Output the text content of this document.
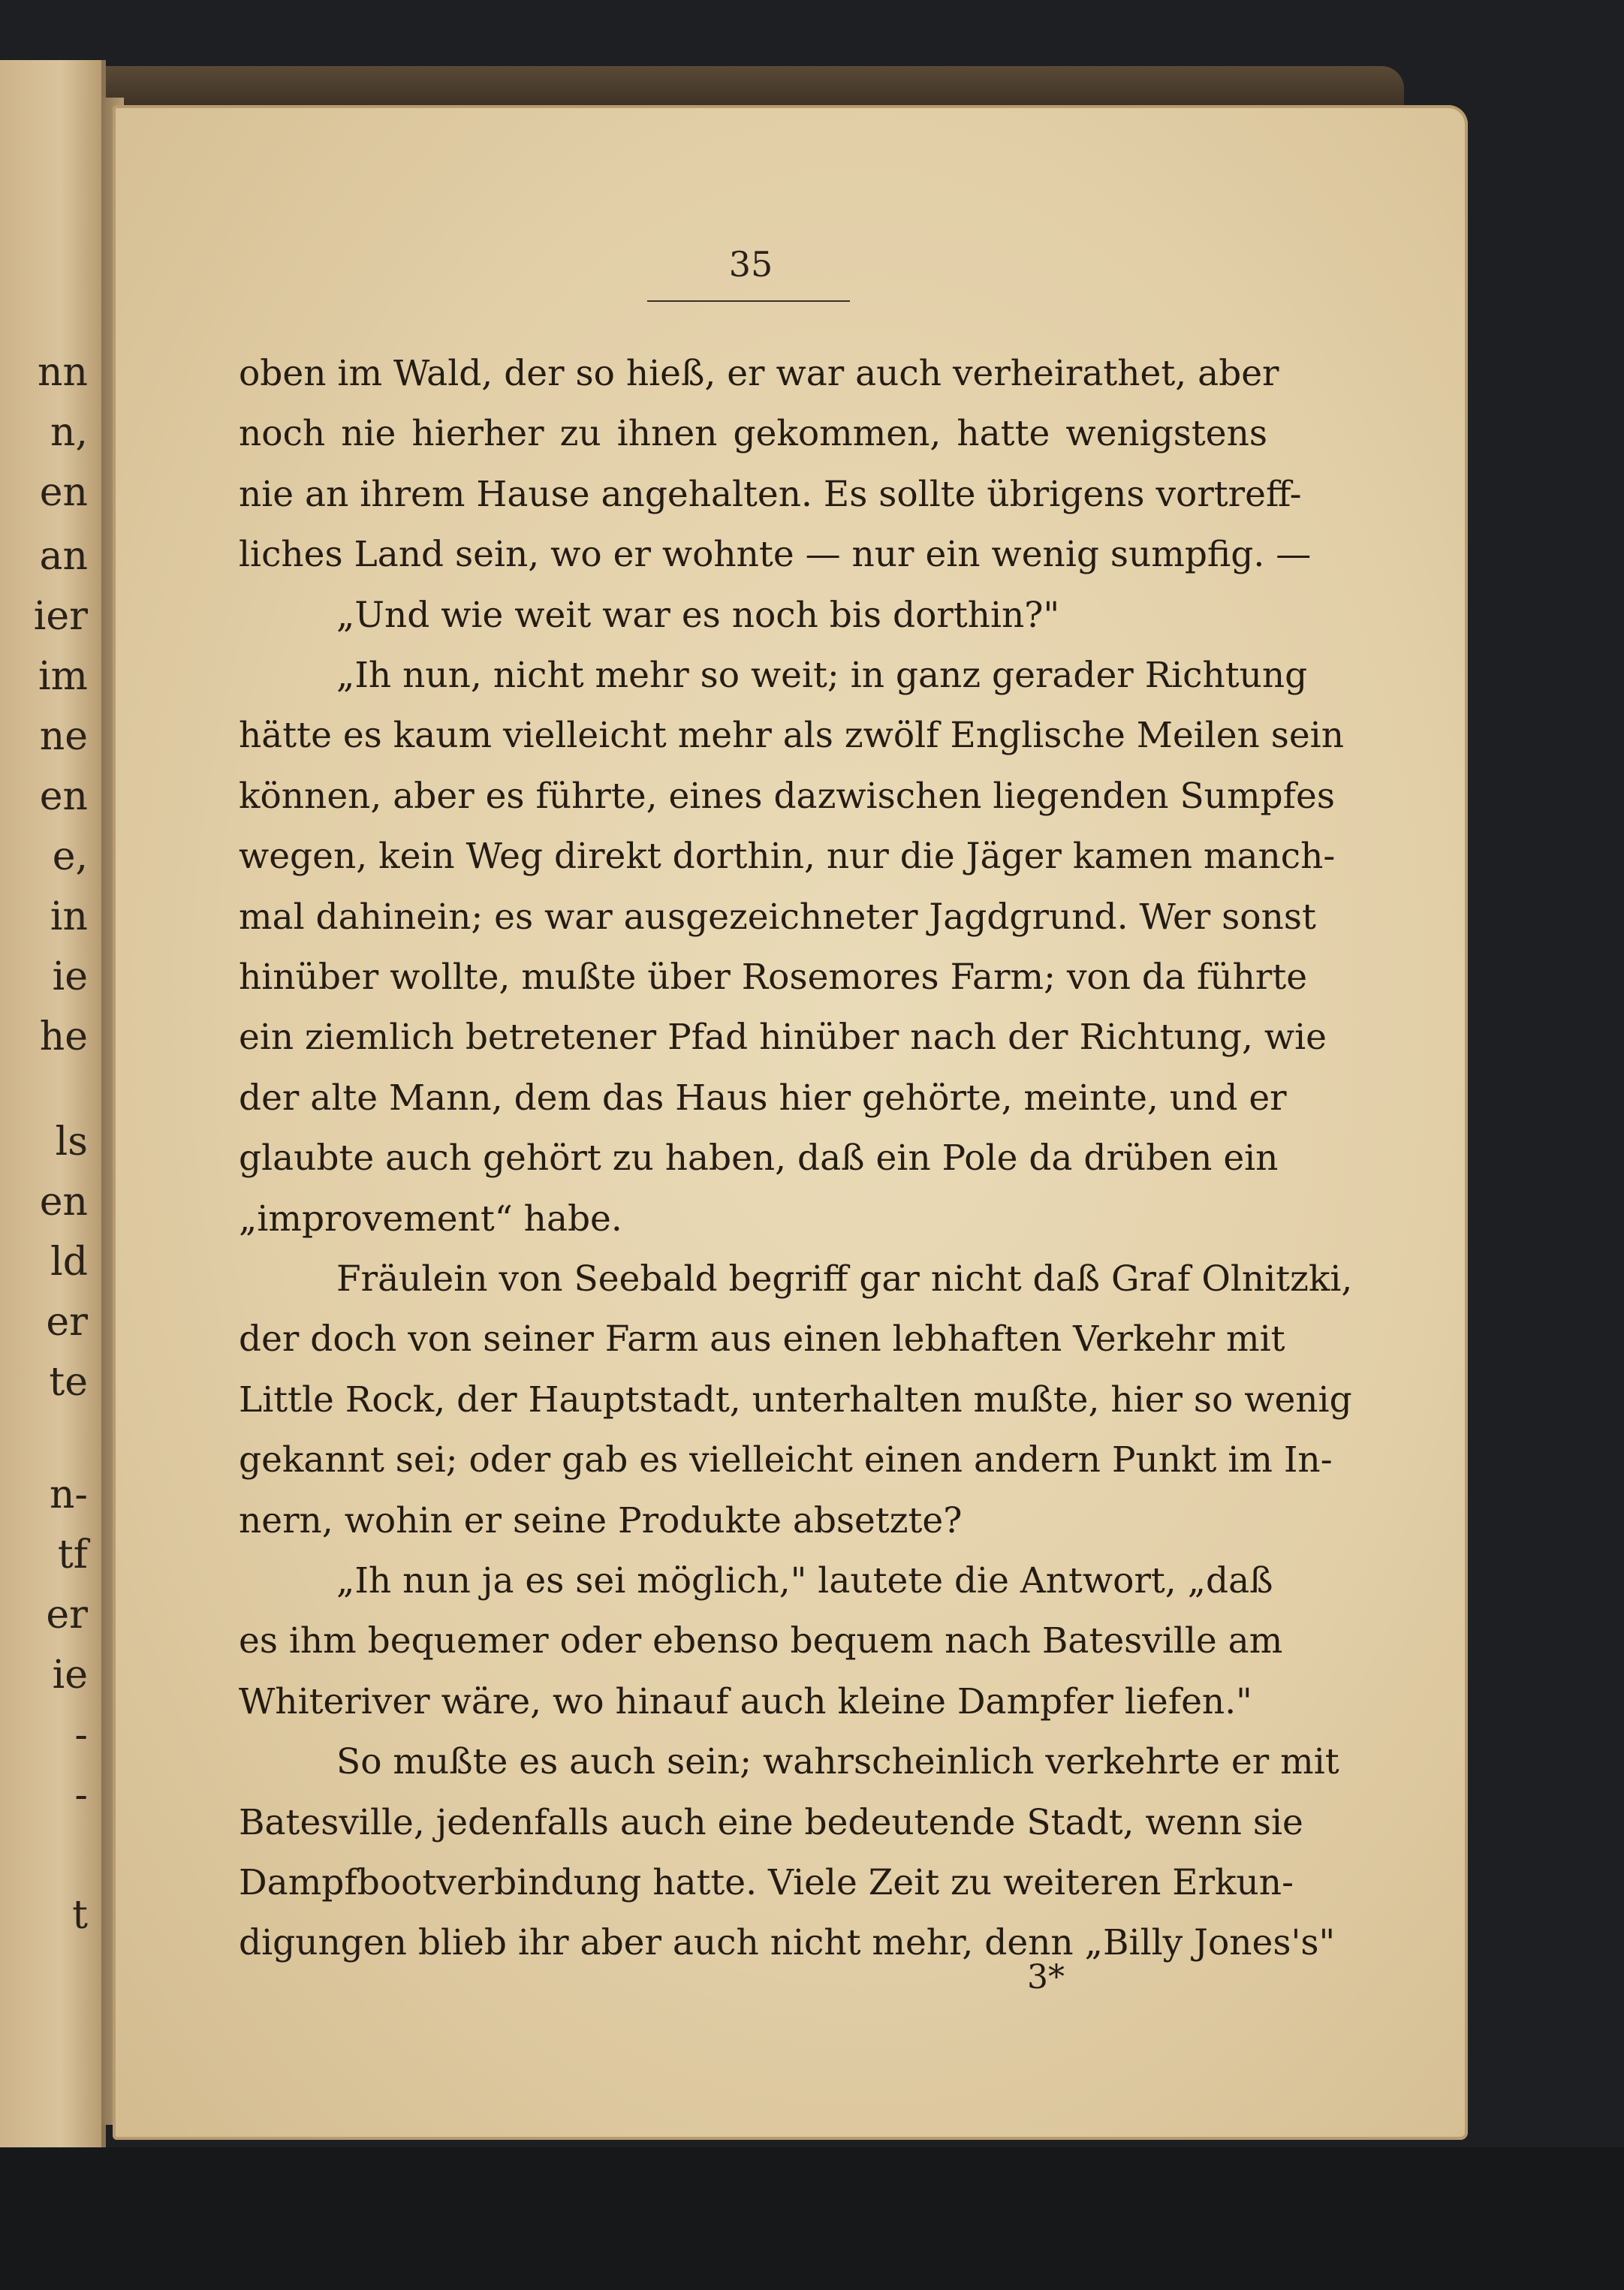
nn
n,
en
an
ier
im
ne
en
e,
in
ie
he
ls
en
ld
er
te
n-
tf
er
ie
-
-
t
35
oben im Wald, der so hieß, er war auch verheirathet, aber
noch nie hierher zu ihnen gekommen, hatte wenigstens
nie an ihrem Hause angehalten. Es sollte übrigens vortreff-
liches Land sein, wo er wohnte — nur ein wenig sumpfig. —
„Und wie weit war es noch bis dorthin?"
„Ih nun, nicht mehr so weit; in ganz gerader Richtung
hätte es kaum vielleicht mehr als zwölf Englische Meilen sein
können, aber es führte, eines dazwischen liegenden Sumpfes
wegen, kein Weg direkt dorthin, nur die Jäger kamen manch-
mal dahinein; es war ausgezeichneter Jagdgrund. Wer sonst
hinüber wollte, mußte über Rosemores Farm; von da führte
ein ziemlich betretener Pfad hinüber nach der Richtung, wie
der alte Mann, dem das Haus hier gehörte, meinte, und er
glaubte auch gehört zu haben, daß ein Pole da drüben ein
„improvement“ habe.
Fräulein von Seebald begriff gar nicht daß Graf Olnitzki,
der doch von seiner Farm aus einen lebhaften Verkehr mit
Little Rock, der Hauptstadt, unterhalten mußte, hier so wenig
gekannt sei; oder gab es vielleicht einen andern Punkt im In-
nern, wohin er seine Produkte absetzte?
„Ih nun ja es sei möglich," lautete die Antwort, „daß
es ihm bequemer oder ebenso bequem nach Batesville am
Whiteriver wäre, wo hinauf auch kleine Dampfer liefen."
So mußte es auch sein; wahrscheinlich verkehrte er mit
Batesville, jedenfalls auch eine bedeutende Stadt, wenn sie
Dampfbootverbindung hatte. Viele Zeit zu weiteren Erkun-
digungen blieb ihr aber auch nicht mehr, denn „Billy Jones's"
3*
